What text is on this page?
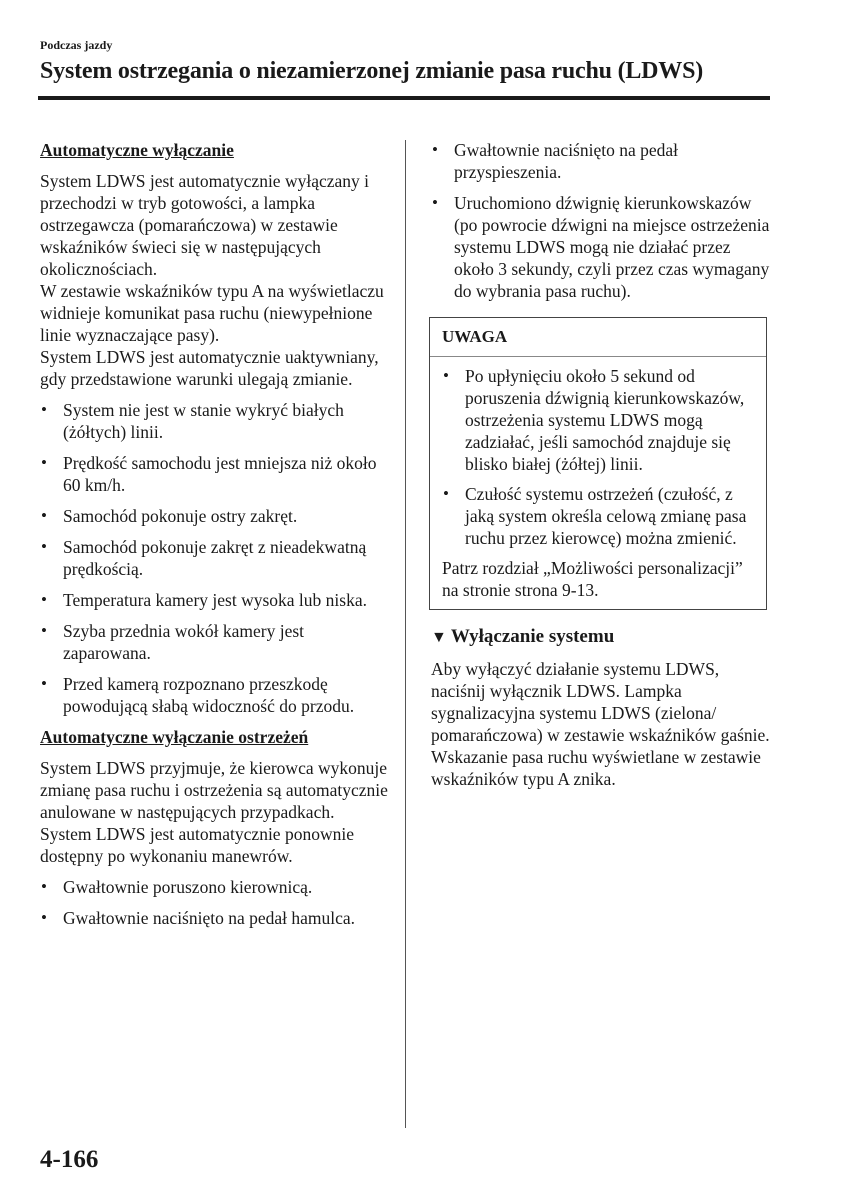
Podczas jazdy
System ostrzegania o niezamierzonej zmianie pasa ruchu (LDWS)
Automatyczne wyłączanie

System LDWS jest automatycznie wyłączany i przechodzi w tryb gotowości, a lampka ostrzegawcza (pomarańczowa) w zestawie wskaźników świeci się w następujących okolicznościach.

W zestawie wskaźników typu A na wyświetlaczu widnieje komunikat pasa ruchu (niewypełnione linie wyznaczające pasy).

System LDWS jest automatycznie uaktywniany, gdy przedstawione warunki ulegają zmianie.

• System nie jest w stanie wykryć białych (żółtych) linii.
• Prędkość samochodu jest mniejsza niż około 60 km/h.
• Samochód pokonuje ostry zakręt.
• Samochód pokonuje zakręt z nieadekwatną prędkością.
• Temperatura kamery jest wysoka lub niska.
• Szyba przednia wokół kamery jest zaparowana.
• Przed kamerą rozpoznano przeszkodę powodującą słabą widoczność do przodu.
Automatyczne wyłączanie ostrzeżeń

System LDWS przyjmuje, że kierowca wykonuje zmianę pasa ruchu i ostrzeżenia są automatycznie anulowane w następujących przypadkach.

System LDWS jest automatycznie ponownie dostępny po wykonaniu manewrów.

• Gwałtownie poruszono kierownicą.
• Gwałtownie naciśnięto na pedał hamulca.
• Gwałtownie naciśnięto na pedał przyspieszenia.
• Uruchomiono dźwignię kierunkowskazów (po powrocie dźwigni na miejsce ostrzeżenia systemu LDWS mogą nie działać przez około 3 sekundy, czyli przez czas wymagany do wybrania pasa ruchu).
UWAGA
• Po upłynięciu około 5 sekund od poruszenia dźwignią kierunkowskazów, ostrzeżenia systemu LDWS mogą zadziałać, jeśli samochód znajduje się blisko białej (żółtej) linii.
• Czułość systemu ostrzeżeń (czułość, z jaką system określa celową zmianę pasa ruchu przez kierowcę) można zmienić.

Patrz rozdział „Możliwości personalizacji” na stronie strona 9-13.

▼ Wyłączanie systemu

Aby wyłączyć działanie systemu LDWS, naciśnij wyłącznik LDWS. Lampka sygnalizacyjna systemu LDWS (zielona/ pomarańczowa) w zestawie wskaźników gaśnie.

Wskazanie pasa ruchu wyświetlane w zestawie wskaźników typu A znika.

4-166
